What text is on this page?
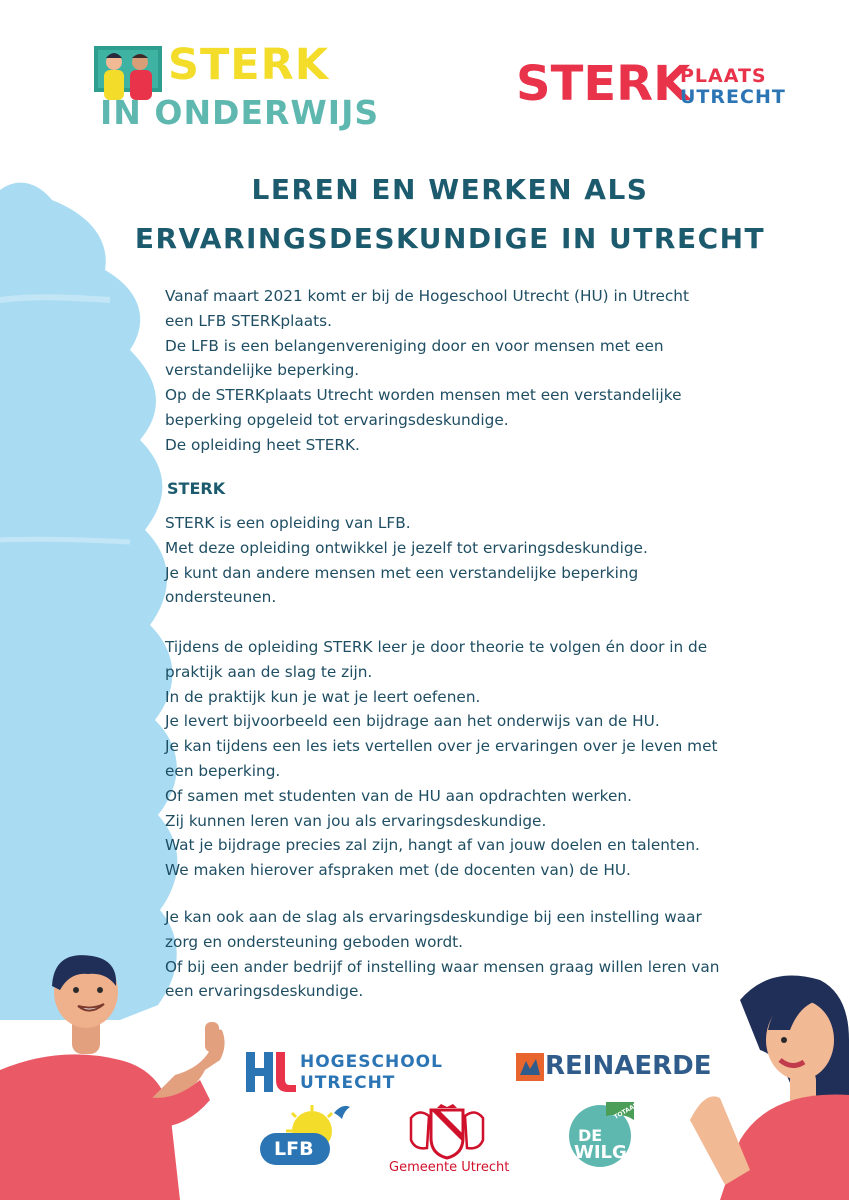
STERK
IN ONDERWIJS
STERK
PLAATS
UTRECHT
LEREN EN WERKEN ALS
ERVARINGSDESKUNDIGE IN UTRECHT
Vanaf maart 2021 komt er bij de Hogeschool Utrecht (HU) in Utrecht
een LFB STERKplaats.
De LFB is een belangenvereniging door en voor mensen met een
verstandelijke beperking.
Op de STERKplaats Utrecht worden mensen met een verstandelijke
beperking opgeleid tot ervaringsdeskundige.
De opleiding heet STERK.
STERK
STERK is een opleiding van LFB.
Met deze opleiding ontwikkel je jezelf tot ervaringsdeskundige.
Je kunt dan andere mensen met een verstandelijke beperking
ondersteunen.
Tijdens de opleiding STERK leer je door theorie te volgen én door in de
praktijk aan de slag te zijn.
In de praktijk kun je wat je leert oefenen.
Je levert bijvoorbeeld een bijdrage aan het onderwijs van de HU.
Je kan tijdens een les iets vertellen over je ervaringen over je leven met
een beperking.
Of samen met studenten van de HU aan opdrachten werken.
Zij kunnen leren van jou als ervaringsdeskundige.
Wat je bijdrage precies zal zijn, hangt af van jouw doelen en talenten.
We maken hierover afspraken met (de docenten van) de HU.
Je kan ook aan de slag als ervaringsdeskundige bij een instelling waar
zorg en ondersteuning geboden wordt.
Of bij een ander bedrijf of instelling waar mensen graag willen leren van
een ervaringsdeskundige.
HOGESCHOOL
UTRECHT
REINAERDE
LFB
Gemeente Utrecht
TOTAAL JEZELF!
DE
WILG
